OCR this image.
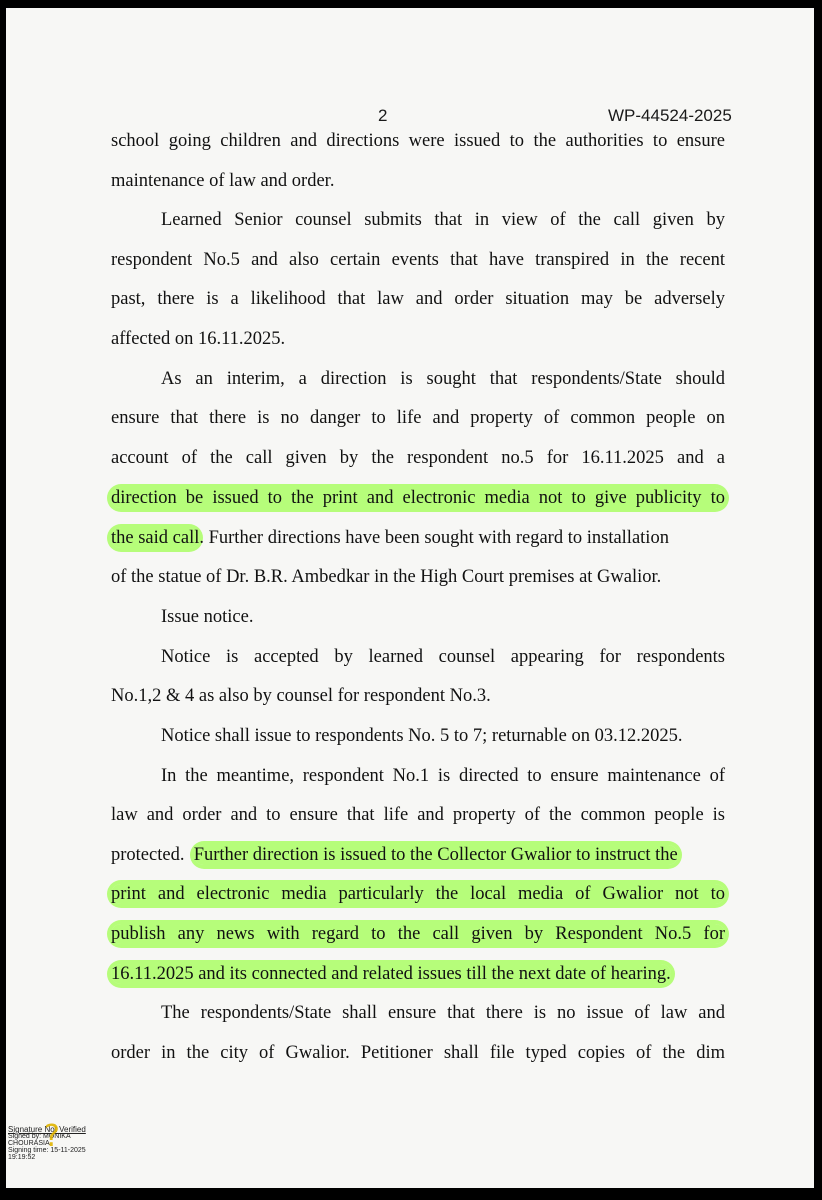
2	WP-44524-2025
school going children and directions were issued to the authorities to ensure
maintenance of law and order.
Learned Senior counsel submits that in view of the call given by
respondent No.5 and also certain events that have transpired in the recent
past, there is a likelihood that law and order situation may be adversely
affected on 16.11.2025.
As an interim, a direction is sought that respondents/State should
ensure that there is no danger to life and property of common people on
account of the call given by the respondent no.5 for 16.11.2025 and a
direction be issued to the print and electronic media not to give publicity to
the said call. Further directions have been sought with regard to installation
of the statue of Dr. B.R. Ambedkar in the High Court premises at Gwalior.
Issue notice.
Notice is accepted by learned counsel appearing for respondents
No.1,2 & 4 as also by counsel for respondent No.3.
Notice shall issue to respondents No. 5 to 7; returnable on 03.12.2025.
In the meantime, respondent No.1 is directed to ensure maintenance of
law and order and to ensure that life and property of the common people is
protected. Further direction is issued to the Collector Gwalior to instruct the
print and electronic media particularly the local media of Gwalior not to
publish any news with regard to the call given by Respondent No.5 for
16.11.2025 and its connected and related issues till the next date of hearing.
The respondents/State shall ensure that there is no issue of law and
order in the city of Gwalior. Petitioner shall file typed copies of the dim
?
Signature Not Verified
Signed by: MONIKA CHOURASIA
Signing time: 15-11-2025 19:19:52
